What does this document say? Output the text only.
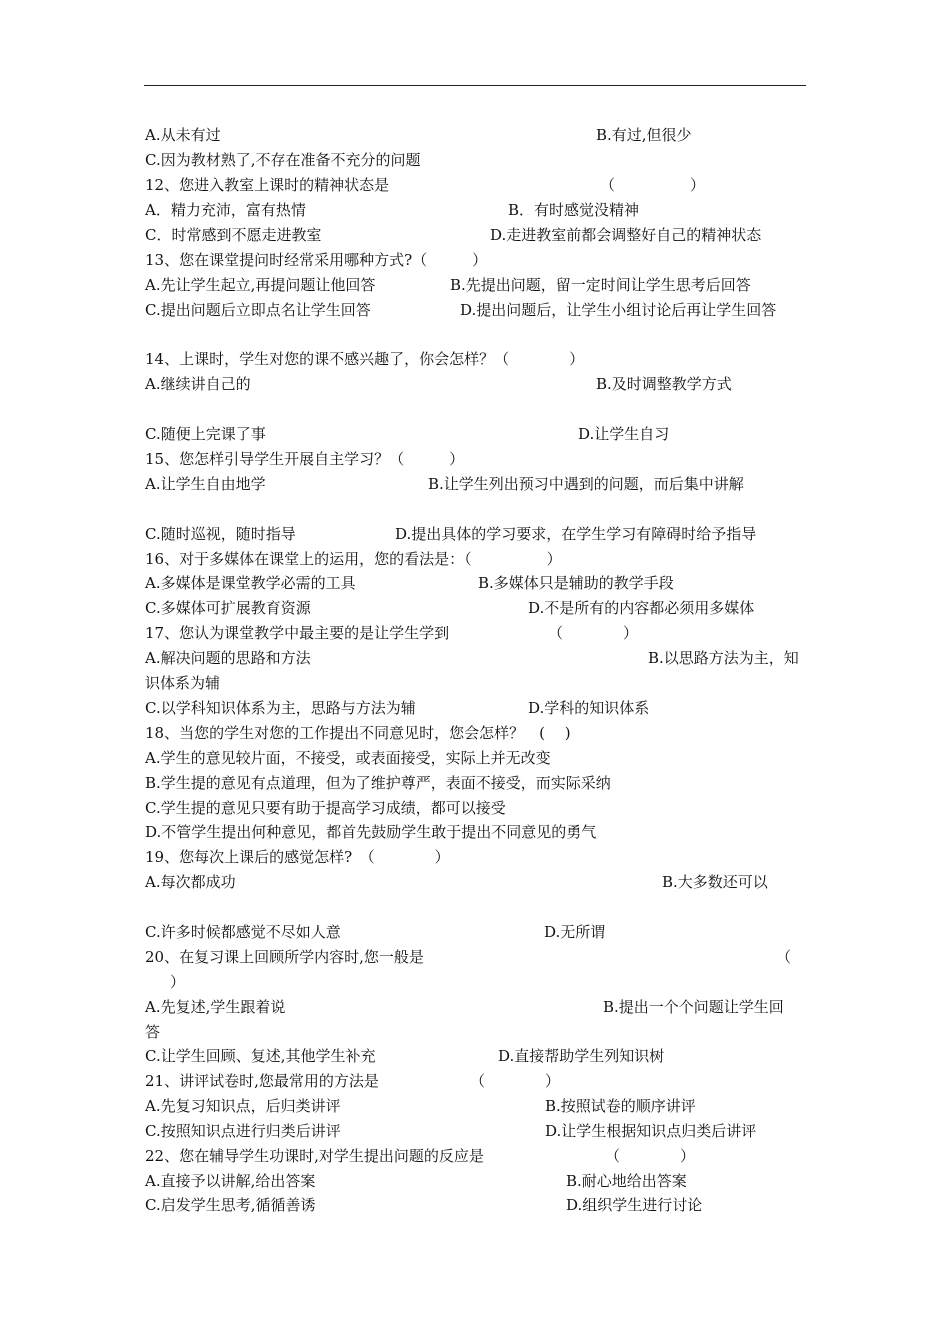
A.从未有过	B.有过,但很少
C.因为教材熟了,不存在准备不充分的问题
12、您进入教室上课时的精神状态是	（　　　　　）
A．精力充沛，富有热情	B．有时感觉没精神
C．时常感到不愿走进教室	D.走进教室前都会调整好自己的精神状态
13、您在课堂提问时经常采用哪种方式?（　　　）
A.先让学生起立,再提问题让他回答	B.先提出问题，留一定时间让学生思考后回答
C.提出问题后立即点名让学生回答	D.提出问题后，让学生小组讨论后再让学生回答
14、上课时，学生对您的课不感兴趣了，你会怎样？（　　　　）
A.继续讲自己的	B.及时调整教学方式
C.随便上完课了事	D.让学生自习
15、您怎样引导学生开展自主学习？（　　　）
A.让学生自由地学	B.让学生列出预习中遇到的问题，而后集中讲解
C.随时巡视，随时指导	D.提出具体的学习要求，在学生学习有障碍时给予指导
16、对于多媒体在课堂上的运用，您的看法是：（　　　　　）
A.多媒体是课堂教学必需的工具	B.多媒体只是辅助的教学手段
C.多媒体可扩展教育资源	D.不是所有的内容都必须用多媒体
17、您认为课堂教学中最主要的是让学生学到	（　　　　）
A.解决问题的思路和方法	B.以思路方法为主，知
识体系为辅
C.以学科知识体系为主，思路与方法为辅	D.学科的知识体系
18、当您的学生对您的工作提出不同意见时，您会怎样？　(　 )
A.学生的意见较片面，不接受，或表面接受，实际上并无改变
B.学生提的意见有点道理，但为了维护尊严，表面不接受，而实际采纳
C.学生提的意见只要有助于提高学习成绩，都可以接受
D.不管学生提出何种意见，都首先鼓励学生敢于提出不同意见的勇气
19、您每次上课后的感觉怎样?　（　　　　）
A.每次都成功	B.大多数还可以
C.许多时候都感觉不尽如人意	D.无所谓
20、在复习课上回顾所学内容时,您一般是	（
）
A.先复述,学生跟着说	B.提出一个个问题让学生回
答
C.让学生回顾、复述,其他学生补充	D.直接帮助学生列知识树
21、讲评试卷时,您最常用的方法是	（　　　　）
A.先复习知识点，后归类讲评	B.按照试卷的顺序讲评
C.按照知识点进行归类后讲评	D.让学生根据知识点归类后讲评
22、您在辅导学生功课时,对学生提出问题的反应是	（　　　　）
A.直接予以讲解,给出答案	B.耐心地给出答案
C.启发学生思考,循循善诱	D.组织学生进行讨论
